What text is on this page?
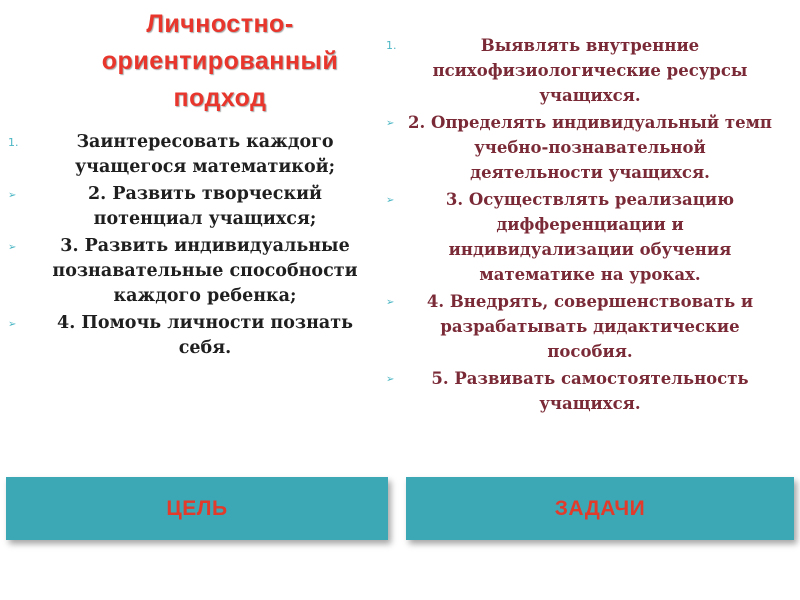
Личностно-
ориентированный
подход
1.	Заинтересовать каждого учащегося математикой;
➢	2. Развить творческий потенциал учащихся;
➢	3. Развить индивидуальные познавательные способности каждого ребенка;
➢	4. Помочь личности познать себя.
1.	Выявлять внутренние психофизиологические ресурсы учащихся.
➢ 2. Определять индивидуальный темп учебно-познавательной деятельности учащихся.
➢	3. Осуществлять реализацию дифференциации и индивидуализации обучения математике на уроках.
➢	4. Внедрять, совершенствовать и разрабатывать дидактические пособия.
➢	5. Развивать самостоятельность учащихся.
ЦЕЛЬ	ЗАДАЧИ
